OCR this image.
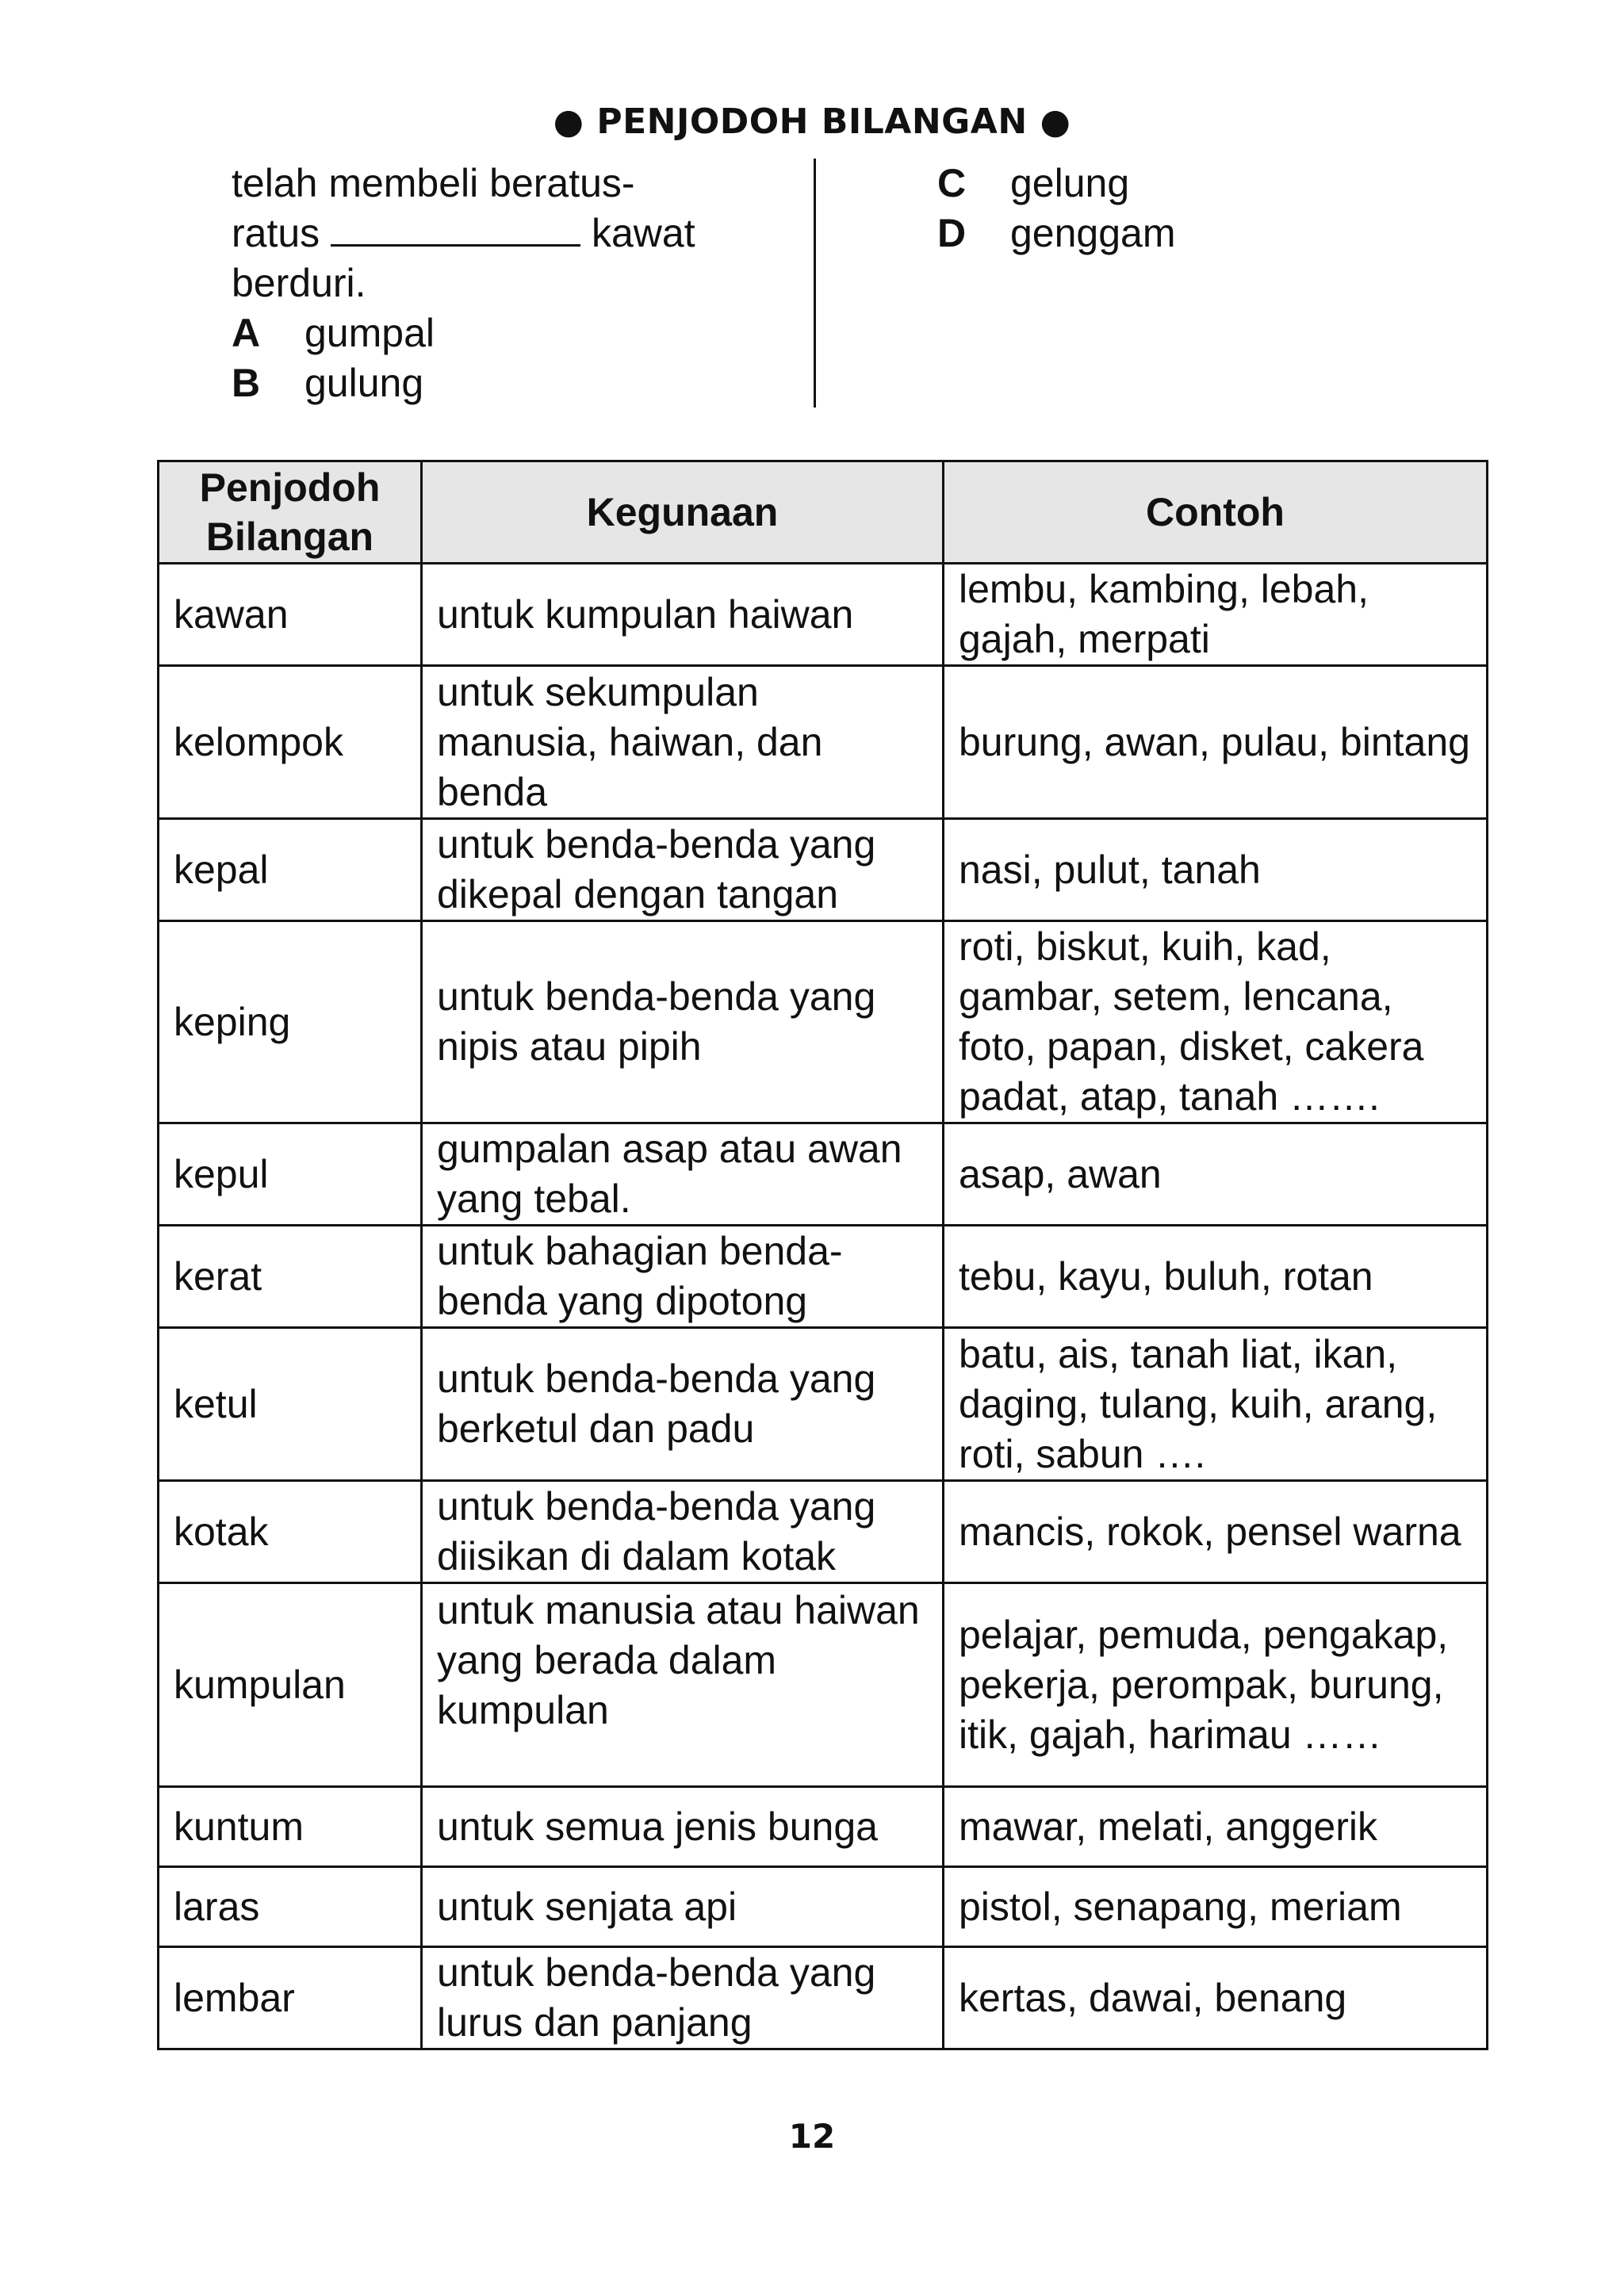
● PENJODOH BILANGAN ●
telah membeli beratus-
ratus	kawat
berduri.
A	gumpal
B	gulung
C	gelung
D	genggam
Penjodoh Bilangan	Kegunaan	Contoh
kawan	untuk kumpulan haiwan	lembu, kambing, lebah, gajah, merpati
kelompok	untuk sekumpulan manusia, haiwan, dan benda	burung, awan, pulau, bintang
kepal	untuk benda-benda yang dikepal dengan tangan	nasi, pulut, tanah
keping	untuk benda-benda yang nipis atau pipih	roti, biskut, kuih, kad, gambar, setem, lencana, foto, papan, disket, cakera padat, atap, tanah …….
kepul	gumpalan asap atau awan yang tebal.	asap, awan
kerat	untuk bahagian benda-benda yang dipotong	tebu, kayu, buluh, rotan
ketul	untuk benda-benda yang berketul dan padu	batu, ais, tanah liat, ikan, daging, tulang, kuih, arang, roti, sabun ….
kotak	untuk benda-benda yang diisikan di dalam kotak	mancis, rokok, pensel warna
kumpulan	untuk manusia atau haiwan yang berada dalam kumpulan	pelajar, pemuda, pengakap, pekerja, perompak, burung, itik, gajah, harimau ……
kuntum	untuk semua jenis bunga	mawar, melati, anggerik
laras	untuk senjata api	pistol, senapang, meriam
lembar	untuk benda-benda yang lurus dan panjang	kertas, dawai, benang
12
